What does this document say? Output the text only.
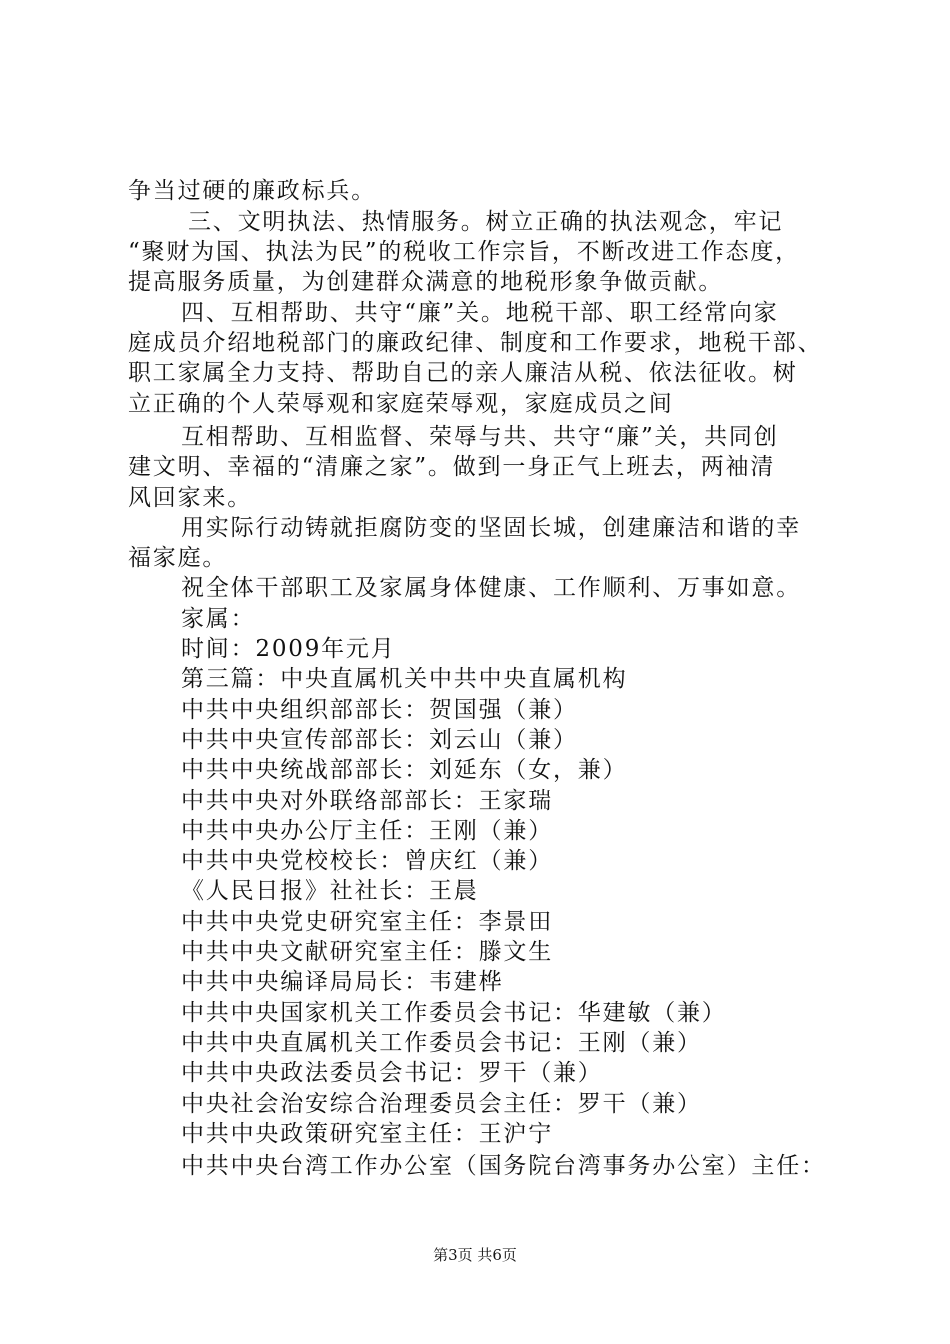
争当过硬的廉政标兵。
三、文明执法、热情服务。树立正确的执法观念，牢记
“聚财为国、执法为民”的税收工作宗旨，不断改进工作态度，
提高服务质量，为创建群众满意的地税形象争做贡献。
四、互相帮助、共守“廉”关。地税干部、职工经常向家
庭成员介绍地税部门的廉政纪律、制度和工作要求，地税干部、
职工家属全力支持、帮助自己的亲人廉洁从税、依法征收。树
立正确的个人荣辱观和家庭荣辱观，家庭成员之间
互相帮助、互相监督、荣辱与共、共守“廉”关，共同创
建文明、幸福的“清廉之家”。做到一身正气上班去，两袖清
风回家来。
用实际行动铸就拒腐防变的坚固长城，创建廉洁和谐的幸
福家庭。
祝全体干部职工及家属身体健康、工作顺利、万事如意。
家属：
时间：2009年元月
第三篇：中央直属机关中共中央直属机构
中共中央组织部部长：贺国强（兼）
中共中央宣传部部长：刘云山（兼）
中共中央统战部部长：刘延东（女，兼）
中共中央对外联络部部长：王家瑞
中共中央办公厅主任：王刚（兼）
中共中央党校校长：曾庆红（兼）
《人民日报》社社长：王晨
中共中央党史研究室主任：李景田
中共中央文献研究室主任：滕文生
中共中央编译局局长：韦建桦
中共中央国家机关工作委员会书记：华建敏（兼）
中共中央直属机关工作委员会书记：王刚（兼）
中共中央政法委员会书记：罗干（兼）
中央社会治安综合治理委员会主任：罗干（兼）
中共中央政策研究室主任：王沪宁
中共中央台湾工作办公室（国务院台湾事务办公室）主任：
第3页 共6页
